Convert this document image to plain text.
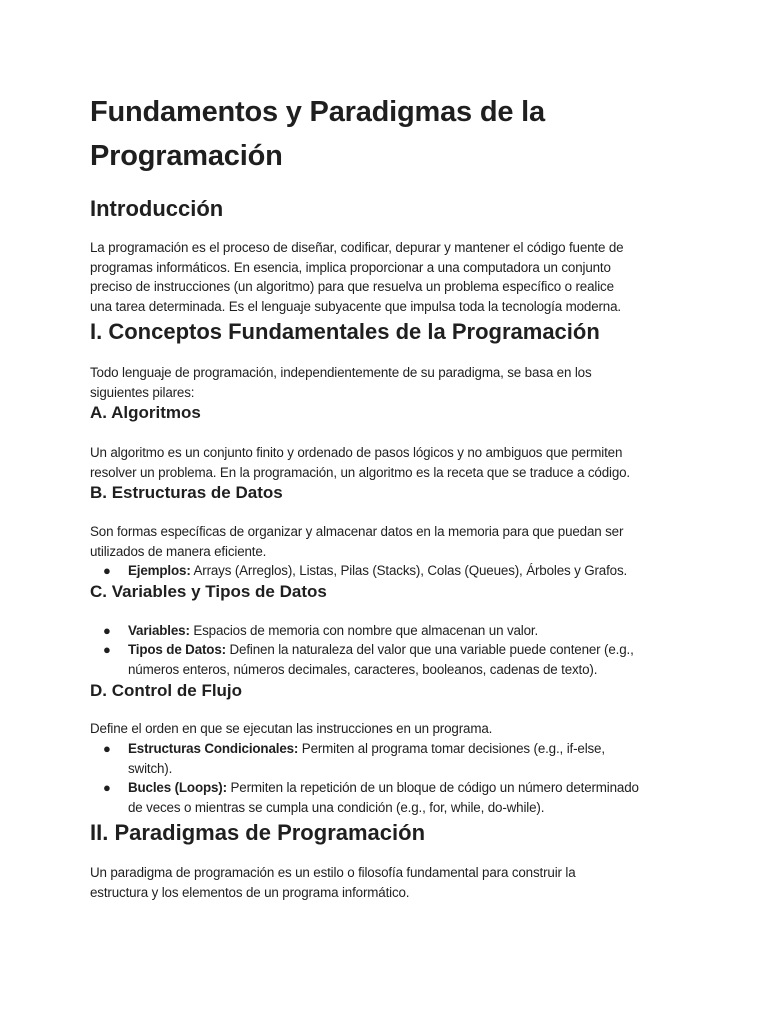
Fundamentos y Paradigmas de la Programación
Introducción
La programación es el proceso de diseñar, codificar, depurar y mantener el código fuente de
programas informáticos. En esencia, implica proporcionar a una computadora un conjunto
preciso de instrucciones (un algoritmo) para que resuelva un problema específico o realice
una tarea determinada. Es el lenguaje subyacente que impulsa toda la tecnología moderna.
I. Conceptos Fundamentales de la Programación
Todo lenguaje de programación, independientemente de su paradigma, se basa en los
siguientes pilares:
A. Algoritmos
Un algoritmo es un conjunto finito y ordenado de pasos lógicos y no ambiguos que permiten
resolver un problema. En la programación, un algoritmo es la receta que se traduce a código.
B. Estructuras de Datos
Son formas específicas de organizar y almacenar datos en la memoria para que puedan ser
utilizados de manera eficiente.
● Ejemplos: Arrays (Arreglos), Listas, Pilas (Stacks), Colas (Queues), Árboles y Grafos.
C. Variables y Tipos de Datos
● Variables: Espacios de memoria con nombre que almacenan un valor.
● Tipos de Datos: Definen la naturaleza del valor que una variable puede contener (e.g.,
números enteros, números decimales, caracteres, booleanos, cadenas de texto).
D. Control de Flujo
Define el orden en que se ejecutan las instrucciones en un programa.
● Estructuras Condicionales: Permiten al programa tomar decisiones (e.g., if-else,
switch).
● Bucles (Loops): Permiten la repetición de un bloque de código un número determinado
de veces o mientras se cumpla una condición (e.g., for, while, do-while).
II. Paradigmas de Programación
Un paradigma de programación es un estilo o filosofía fundamental para construir la
estructura y los elementos de un programa informático.
